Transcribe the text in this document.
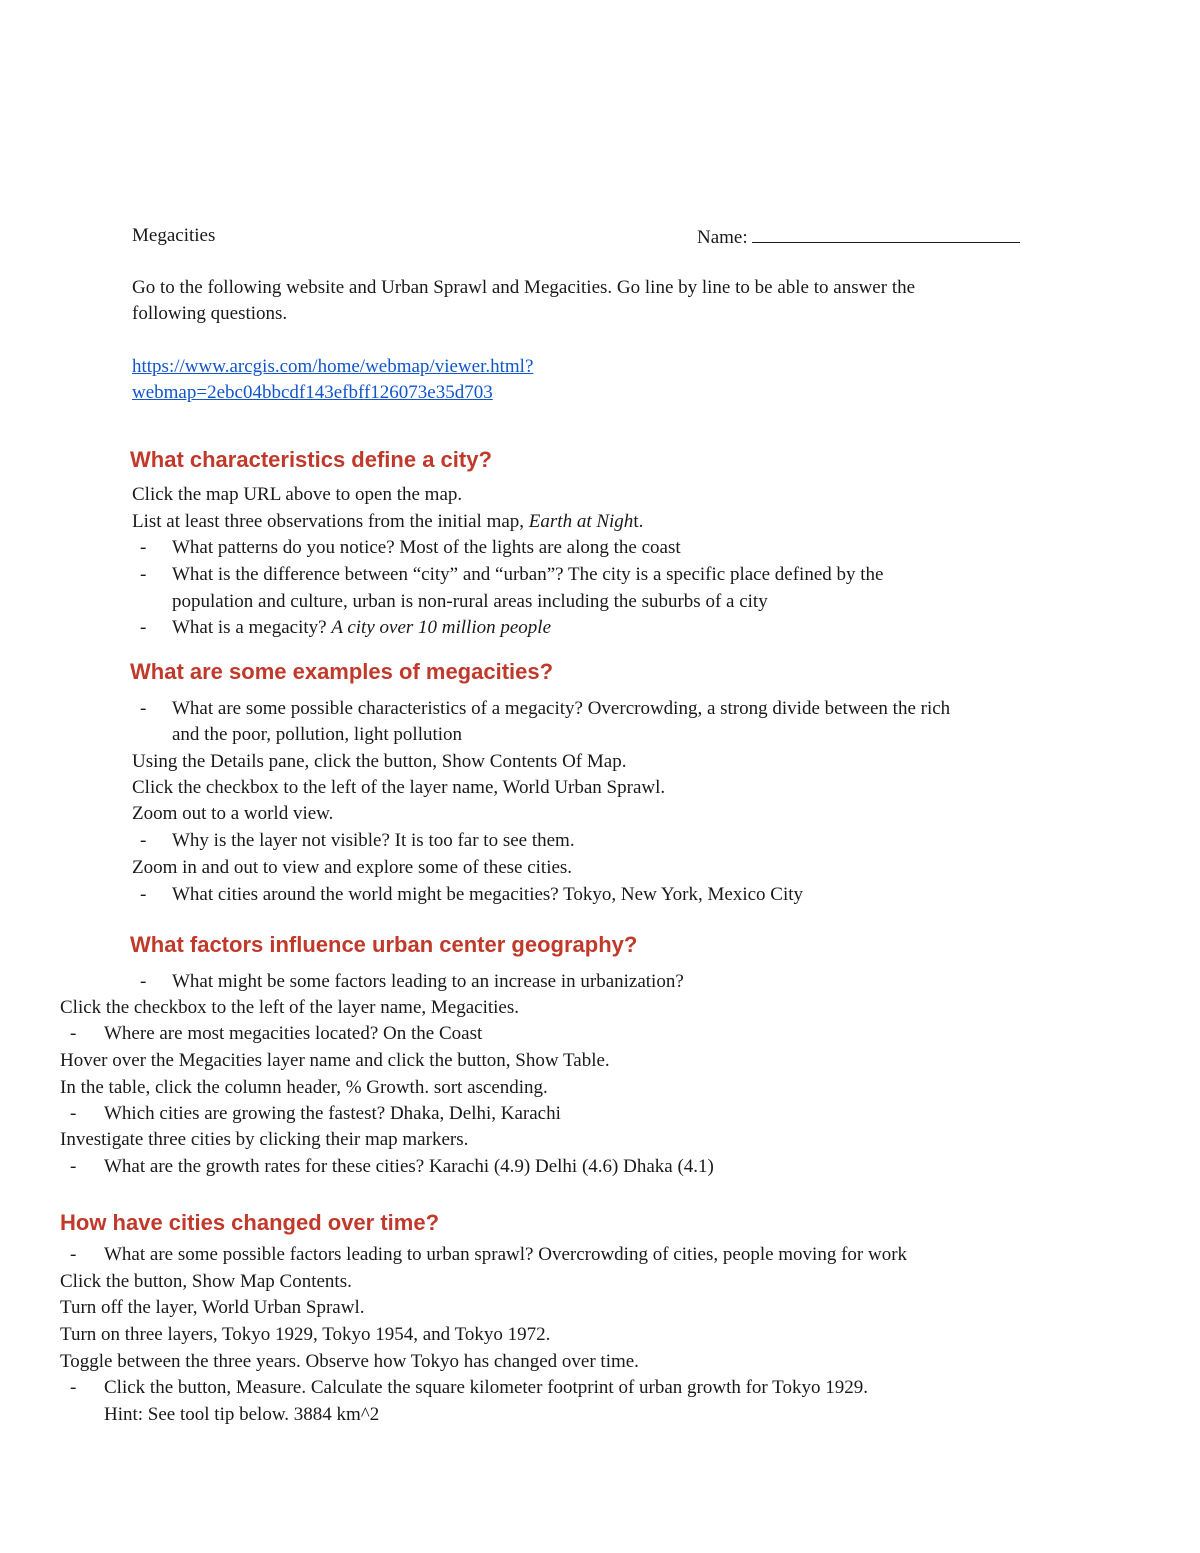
Megacities	Name:
Go to the following website and Urban Sprawl and Megacities. Go line by line to be able to answer the
following questions.
https://www.arcgis.com/home/webmap/viewer.html?
webmap=2ebc04bbcdf143efbff126073e35d703
What characteristics define a city?
Click the map URL above to open the map.
List at least three observations from the initial map, Earth at Night.
- What patterns do you notice? Most of the lights are along the coast
- What is the difference between “city” and “urban”? The city is a specific place defined by the
population and culture, urban is non-rural areas including the suburbs of a city
- What is a megacity? A city over 10 million people
What are some examples of megacities?
- What are some possible characteristics of a megacity? Overcrowding, a strong divide between the rich
and the poor, pollution, light pollution
Using the Details pane, click the button, Show Contents Of Map.
Click the checkbox to the left of the layer name, World Urban Sprawl.
Zoom out to a world view.
- Why is the layer not visible? It is too far to see them.
Zoom in and out to view and explore some of these cities.
- What cities around the world might be megacities? Tokyo, New York, Mexico City
What factors influence urban center geography?
- What might be some factors leading to an increase in urbanization?
Click the checkbox to the left of the layer name, Megacities.
- Where are most megacities located? On the Coast
Hover over the Megacities layer name and click the button, Show Table.
In the table, click the column header, % Growth. sort ascending.
- Which cities are growing the fastest? Dhaka, Delhi, Karachi
Investigate three cities by clicking their map markers.
- What are the growth rates for these cities? Karachi (4.9) Delhi (4.6) Dhaka (4.1)
How have cities changed over time?
- What are some possible factors leading to urban sprawl? Overcrowding of cities, people moving for work
Click the button, Show Map Contents.
Turn off the layer, World Urban Sprawl.
Turn on three layers, Tokyo 1929, Tokyo 1954, and Tokyo 1972.
Toggle between the three years. Observe how Tokyo has changed over time.
- Click the button, Measure. Calculate the square kilometer footprint of urban growth for Tokyo 1929.
Hint: See tool tip below. 3884 km^2
